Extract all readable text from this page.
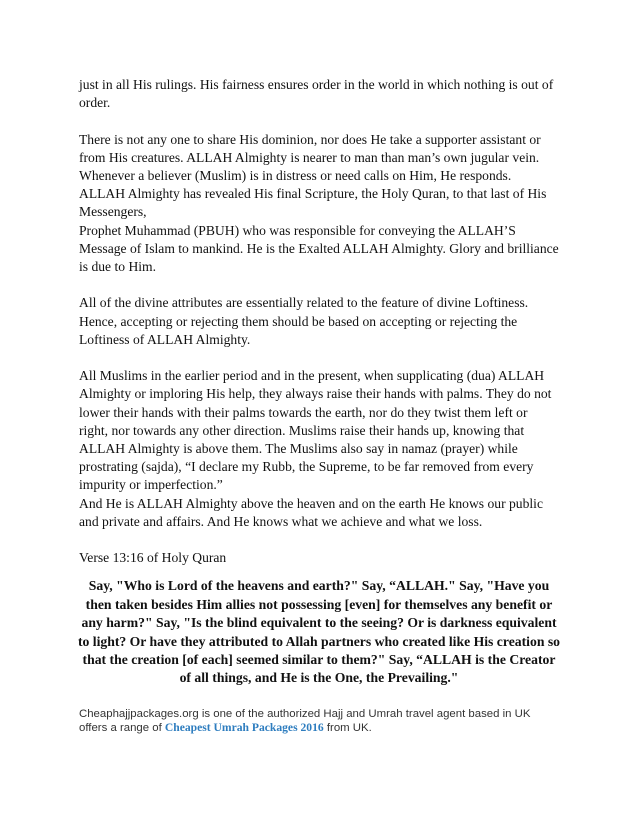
just in all His rulings. His fairness ensures order in the world in which nothing is out of order.

There is not any one to share His dominion, nor does He take a supporter assistant or from His creatures. ALLAH Almighty is nearer to man than man’s own jugular vein. Whenever a believer (Muslim) is in distress or need calls on Him, He responds. ALLAH Almighty has revealed His final Scripture, the Holy Quran, to that last of His Messengers,

Prophet Muhammad (PBUH) who was responsible for conveying the ALLAH’S Message of Islam to mankind. He is the Exalted ALLAH Almighty. Glory and brilliance is due to Him.

All of the divine attributes are essentially related to the feature of divine Loftiness. Hence, accepting or rejecting them should be based on accepting or rejecting the Loftiness of ALLAH Almighty.

All Muslims in the earlier period and in the present, when supplicating (dua) ALLAH Almighty or imploring His help, they always raise their hands with palms. They do not lower their hands with their palms towards the earth, nor do they twist them left or right, nor towards any other direction. Muslims raise their hands up, knowing that ALLAH Almighty is above them. The Muslims also say in namaz (prayer) while prostrating (sajda), “I declare my Rubb, the Supreme, to be far removed from every impurity or imperfection.”

And He is ALLAH Almighty above the heaven and on the earth He knows our public and private and affairs. And He knows what we achieve and what we loss.

Verse 13:16 of Holy Quran

Say, "Who is Lord of the heavens and earth?" Say, “ALLAH." Say, "Have you then taken besides Him allies not possessing [even] for themselves any benefit or any harm?" Say, "Is the blind equivalent to the seeing? Or is darkness equivalent to light? Or have they attributed to Allah partners who created like His creation so that the creation [of each] seemed similar to them?" Say, “ALLAH is the Creator of all things, and He is the One, the Prevailing."

Cheaphajjpackages.org is one of the authorized Hajj and Umrah travel agent based in UK offers a range of Cheapest Umrah Packages 2016 from UK.
